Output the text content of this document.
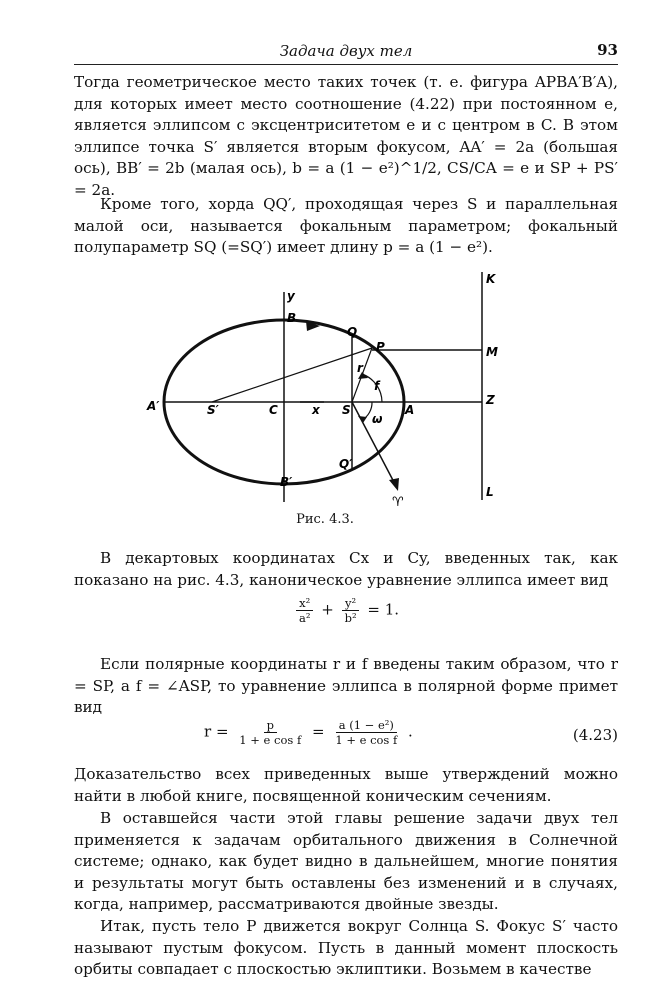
Задача двух тел	93
Тогда геометрическое место таких точек (т. е. фигура APBA′B′A), для которых имеет место соотношение (4.22) при постоянном e, является эллипсом с эксцентриситетом e и с центром в C. В этом эллипсе точка S′ является вторым фокусом, AA′ = 2a (большая ось), BB′ = 2b (малая ось), b = a (1 − e²)^1/2, CS/CA = e и SP + PS′ = 2a.
Кроме того, хорда QQ′, проходящая через S и параллельная малой оси, называется фокальным параметром; фокальный полупараметр SQ (=SQ′) имеет длину p = a (1 − e²).
A′	S′	C	x S	A
Z
y
B
B′
Q
P	M
Q′
K
L
r
f
ω
♈
Рис. 4.3.
В декартовых координатах Cx и Cy, введенных так, как показано на рис. 4.3, каноническое уравнение эллипса имеет вид
$\frac{\text{x²}}{\text{a²}} + \frac{\text{y²}}{\text{b²}} = 1$.
Если полярные координаты r и f введены таким образом, что r = SP, а f = ∠ASP, то уравнение эллипса в полярной форме примет вид
$r = \frac{p}{\text{1 + e cos f}} = \frac{\text{a (1 − e²)}}{\text{1 + e cos f}}$ .	(4.23)
Доказательство всех приведенных выше утверждений можно найти в любой книге, посвященной коническим сечениям.
В оставшейся части этой главы решение задачи двух тел применяется к задачам орбитального движения в Солнечной системе; однако, как будет видно в дальнейшем, многие понятия и результаты могут быть оставлены без изменений и в случаях, когда, например, рассматриваются двойные звезды.
Итак, пусть тело P движется вокруг Солнца S. Фокус S′ часто называют пустым фокусом. Пусть в данный момент плоскость орбиты совпадает с плоскостью эклиптики. Возьмем в качестве
